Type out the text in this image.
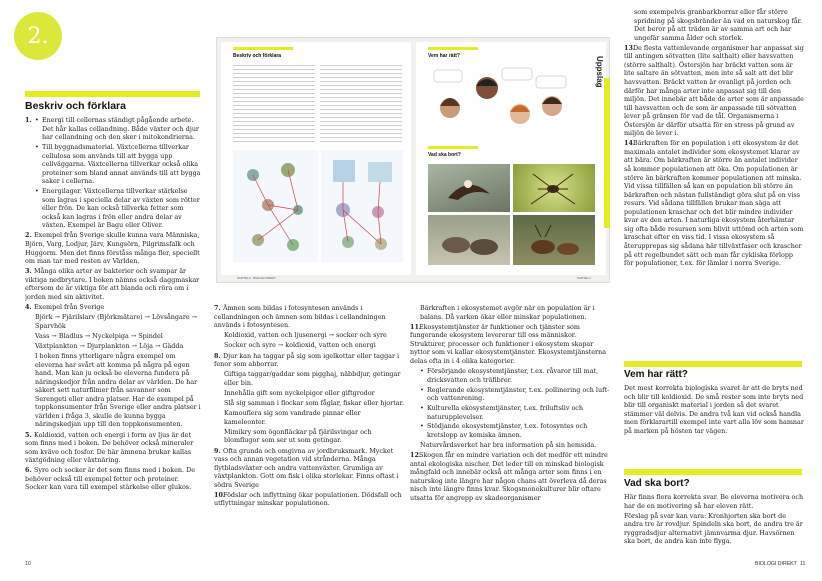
2.
Beskriv och förklara

1.

•	Energi till cellernas ständigt pågående arbete. Det hår kallas cellandning. Både växter och djur har cellandning och den sker i mitokondrierna.
• Till byggnadsmaterial. Växtcellerna tillverkar cellulosa som används till att bygga upp cellväggarna. Växtcellerna tillverkar också olika proteiner som bland annat används till att bygga saker i cellerna.
• Energilager. Växtcellerna tillverkar stärkelse som lagras i speciella delar av växten som rötter eller frön. De kan också tillverka fetter som också kan lagras i frön eller andra delar av växten. Exempel är Bagu eller Oliver.

2. Exempel från Sverige skulle kunna vara Människa, Björn, Varg, Lodjur, Järv, Kungsörn, Pilgrimsfalk och Huggorm. Men det finns förståss många fler, speciellt om man tar med resten av Världen.

3. Många olika arter av bakterier och svampar är viktiga nedbrytare. I boken nämns också daggmaskar eftersom de är viktiga för att blanda och röra om i jorden med sin aktivitet.

4. Exempel från Sverige

Björk → Fjärilslarv (Björkmätare) → Lövsångare → Sparvhök

Vass → Bladlus → Nyckelpiga → Spindel

Växtplankton → Djurplankton → Löja → Gädda

I boken finns ytterligare några exempel om eleverna har svårt att komma på några på egen hand. Man kan ju också be eleverna fundera på näringskedjor från andra delar av världen. De har säkert sett naturfilmer från savanner som Serengeti eller andra platser. Har de exempel på toppkonsumenter från Sverige eller andra platser i världen i fråga 3, skulle de kunna bygga näringskedjan upp till den toppkonsumenten.

5. Koldioxid, vatten och energi i form av ljus är det som finns med i boken. De behöver också mineraler som kväve och fosfor. De här ämnena brukar kallas växtgödning eller växtnäring.

6. Syre och socker är det som finns med i boken. De behöver också till exempel fetter och proteiner. Socker kan vara till exempel stärkelse eller glukos.

10
Beskriv och förklara	Vem har rätt?	Uppslag
Vad ska bort?
KAPITEL 2 · BIOLOGI DIREKT	KAPITEL 2

7. Ämnen som bildas i fotosyntesen används i cellandningen och ämnen som bildas i cellandningen används i fotosyntesen.

Koldioxid, vatten och ljusenergi → socker och syre

Socker och syre → koldioxid, vatten och energi

8. Djur kan ha taggar på sig som igelkottar eller taggar i fenor som abborrar.

Giftiga taggar/gaddar som pigghaj, näbbdjur, getingar eller bin.

Innehålla gift som nyckelpigor eller giftgrodor

Slå sig samman i flockar som fåglar, fiskar eller hjortar.

Kamouflera sig som vandrade pinnar eller kameleonter.

Mimikry som ögonfläckar på fjärilsvingar och blomflugor som ser ut som getingar.

9. Ofta grunda och omgivna av jordbruksmark. Mycket vass och annan vegetation vid strånderna. Många flytbladsväxter och andra vattenväxter. Grumliga av växtplankton. Gott om fisk i olika storlekar. Finns oftast i södra Sverige

10.Födslar och inflyttning ökar populationen. Dödsfall och utflyttningar minskar populationen.

Bärkraften i ekosystemet avgör när en population är i balans. Då varken ökar eller minskar populationen.

11.Ekosystemtjänster är funktioner och tjänster som fungerande ekosystem levererar till oss människor. Strukturer, processer och funktioner i ekosystem skapar nyttor som vi kallar ekosystemtjänster. Ekosystemtjänsterna delas ofta in i 4 olika kategorier.

• Försörjande ekosystemtjänster, t.ex. råvaror till mat, dricksvatten och träfibrer.
• Reglerande ekosystemtjänster, t.ex. pollinering och luft- och vattenrening.
• Kulturella ekosystemtjänster, t.ex. friluftsliv och naturupplevelser.
• Stödjande ekosystemtjänster, t.ex. fotosyntes och kretslopp av kemiska ämnen.

Naturvårdsverket har bra information på sin hemsida.

12.Skogen får en mindre variation och det medför ett mindre antal ekologiska nischer. Det leder till en minskad biologisk mångfald och innebär också att många arter som finns i en naturskog inte längre har någon chans att överleva då deras nisch inte längre finns kvar. Skogsmonokulturer blir oftare utsatta för angrepp av skadeorganismer

som exempelvis granbarkborrar eller får större spridning på skogsbränder än vad en naturskog får. Det beror på att träden är av samma art och har ungefär samma ålder och storlek.

13.De flesta vattenlevande organismer har anpassat sig till antingen sötvatten (lite salthalt) eller havsvatten (större salthalt). Östersjön har bräckt vatten som är lite saltare än sötvatten, men inte så salt att det blir havsvatten. Bräckt vatten är ovanligt på jorden och därför har många arter inte anpassat sig till den miljön. Det innebär att både de arter som är anpassade till havsvatten och de som är anpassade till sötvatten lever på gränsen för vad de tål. Organismerna i Östersjön är därför utsatta för en stress på grund av miljön de lever i.

14.Bärkraften för en population i ett ekosystem är det maximala antalet individer som ekosystemet klarar av att bära. Om bärkraften är större än antalet individer så kommer populationen att öka. Om populationen är större än bärkraften kommer populationen att minska. Vid vissa tillfällen så kan en population bli större än bärkraften och nästan fullständigt göra slut på en viss resurs. Vid sådana tillfällen brukar man säga att populationen kraschar och det blir mindre individer kvar av den arten. I naturliga ekosystem återhämtar sig ofta både resursen som blivit uttömd och arten som kraschat efter en viss tid. I vissa ekosystem så återupprepas sig sådana här tillväxtfaser och krascher på ett regelbundet sätt och man får cykliska förlopp för populationer, t.ex. för lämlar i norra Sverige.

Vem har rätt?

Det mest korrekta biologiska svaret är att de bryts ned och blir till koldioxid. De små rester som inte bryts ned blir till organiskt material i jorden så det svaret stämmer väl delvis. De andra två kan vid också handla men förklarartill exempel inte vart alla löv som hamnar på marken på hösten tar vägen.

Vad ska bort?

Här finns flera korrekta svar. Be eleverna motivera och har de en motivering så har eleven rätt.

Förslag på svar kan vara: Kronhjorten ska bort de andra tre är rovdjur. Spindeln ska bort, de andra tre är ryggradsdjur alternativt jämnvarma djur. Havsörnen ska bort, de andra kan inte flyga.

BIOLOGI DIREKT 11
